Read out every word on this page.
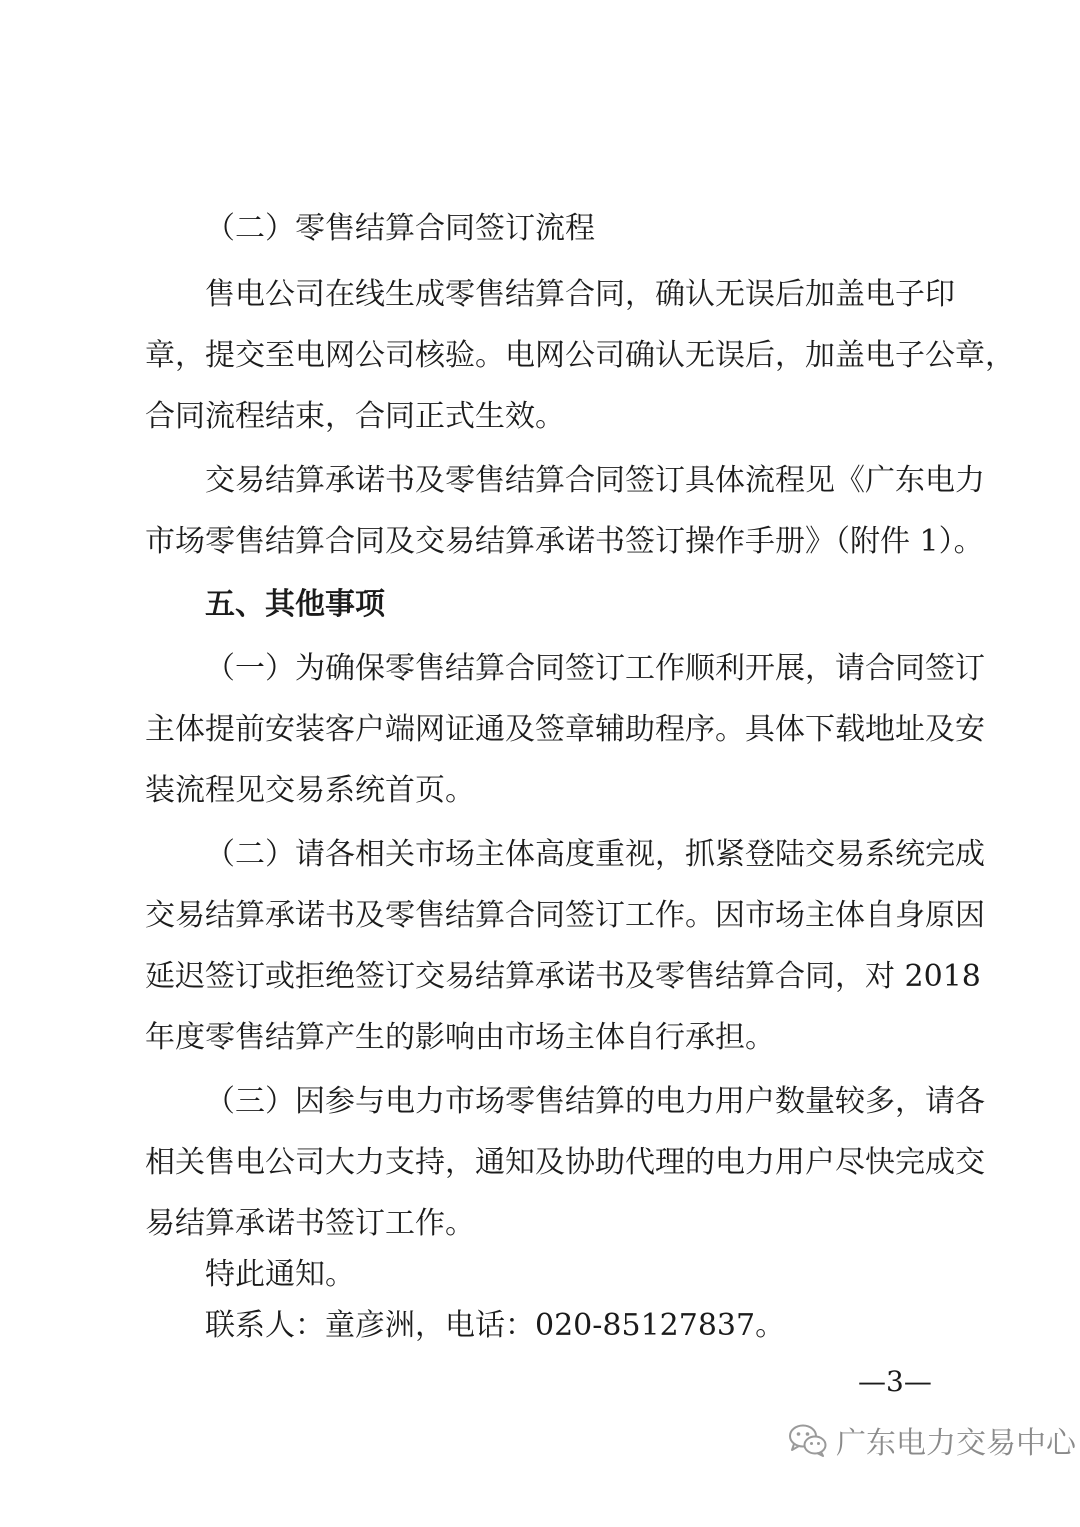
（二）零售结算合同签订流程
售电公司在线生成零售结算合同，确认无误后加盖电子印
章，提交至电网公司核验。电网公司确认无误后，加盖电子公章，
合同流程结束，合同正式生效。
交易结算承诺书及零售结算合同签订具体流程见《广东电力
市场零售结算合同及交易结算承诺书签订操作手册》（附件 1）。
五、其他事项
（一）为确保零售结算合同签订工作顺利开展，请合同签订
主体提前安装客户端网证通及签章辅助程序。具体下载地址及安
装流程见交易系统首页。
（二）请各相关市场主体高度重视，抓紧登陆交易系统完成
交易结算承诺书及零售结算合同签订工作。因市场主体自身原因
延迟签订或拒绝签订交易结算承诺书及零售结算合同，对 2018
年度零售结算产生的影响由市场主体自行承担。
（三）因参与电力市场零售结算的电力用户数量较多，请各
相关售电公司大力支持，通知及协助代理的电力用户尽快完成交
易结算承诺书签订工作。
特此通知。
联系人：童彦洲，电话：020-85127837。
—3—
广东电力交易中心
